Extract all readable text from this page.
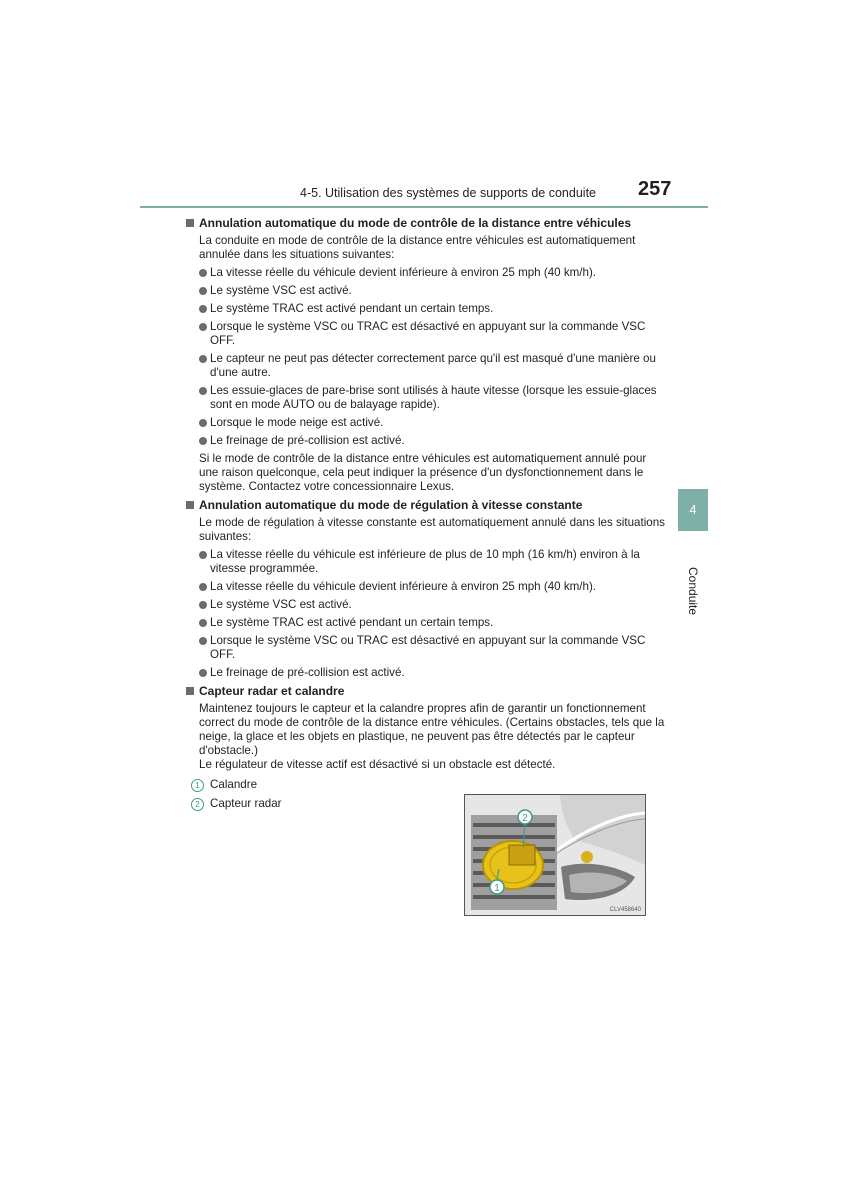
4-5. Utilisation des systèmes de supports de conduite 257
4
Conduite
Annulation automatique du mode de contrôle de la distance entre véhicules
La conduite en mode de contrôle de la distance entre véhicules est automatiquement annulée dans les situations suivantes:
La vitesse réelle du véhicule devient inférieure à environ 25 mph (40 km/h).
Le système VSC est activé.
Le système TRAC est activé pendant un certain temps.
Lorsque le système VSC ou TRAC est désactivé en appuyant sur la commande VSC OFF.
Le capteur ne peut pas détecter correctement parce qu'il est masqué d'une manière ou d'une autre.
Les essuie-glaces de pare-brise sont utilisés à haute vitesse (lorsque les essuie-glaces sont en mode AUTO ou de balayage rapide).
Lorsque le mode neige est activé.
Le freinage de pré-collision est activé.
Si le mode de contrôle de la distance entre véhicules est automatiquement annulé pour une raison quelconque, cela peut indiquer la présence d'un dysfonctionnement dans le système. Contactez votre concessionnaire Lexus.
Annulation automatique du mode de régulation à vitesse constante
Le mode de régulation à vitesse constante est automatiquement annulé dans les situations suivantes:
La vitesse réelle du véhicule est inférieure de plus de 10 mph (16 km/h) environ à la vitesse programmée.
La vitesse réelle du véhicule devient inférieure à environ 25 mph (40 km/h).
Le système VSC est activé.
Le système TRAC est activé pendant un certain temps.
Lorsque le système VSC ou TRAC est désactivé en appuyant sur la commande VSC OFF.
Le freinage de pré-collision est activé.
Capteur radar et calandre
Maintenez toujours le capteur et la calandre propres afin de garantir un fonctionnement correct du mode de contrôle de la distance entre véhicules. (Certains obstacles, tels que la neige, la glace et les objets en plastique, ne peuvent pas être détectés par le capteur d'obstacle.)
Le régulateur de vitesse actif est désactivé si un obstacle est détecté.
1 Calandre
2 Capteur radar
2
1
CLV458640
